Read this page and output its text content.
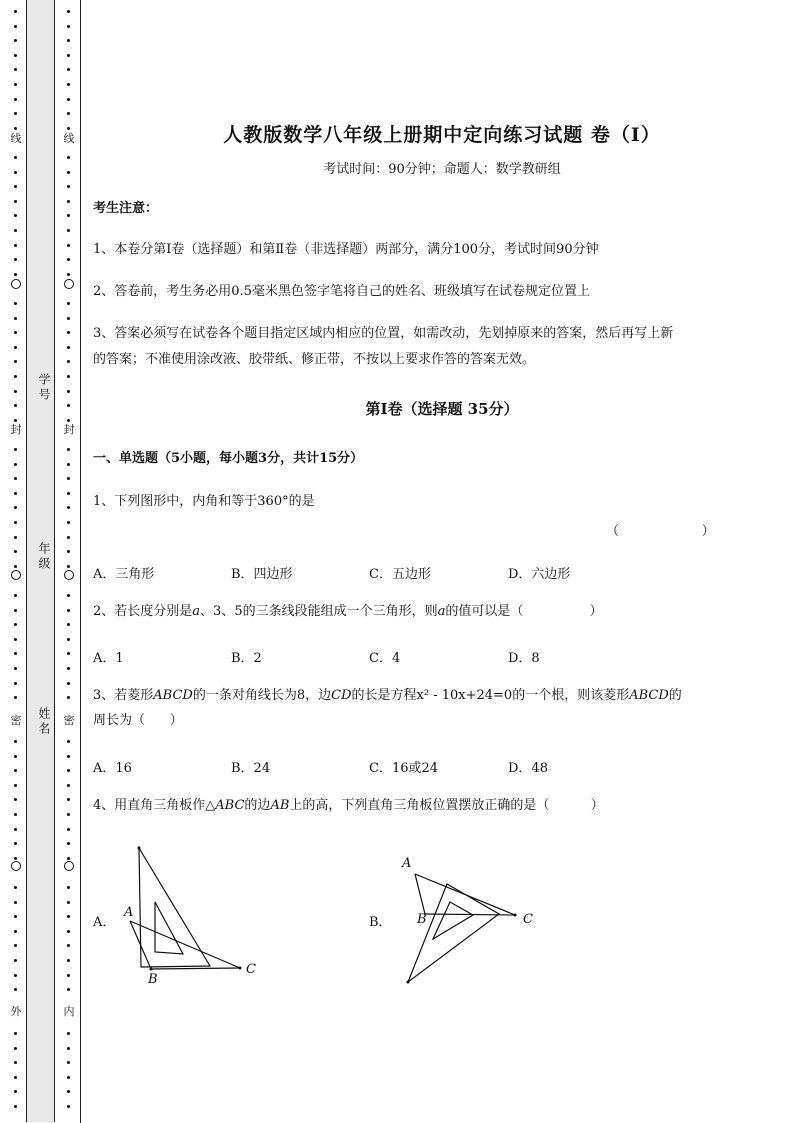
线
封
密
外
线
封
密
内
学号
年级
姓名
人教版数学八年级上册期中定向练习试题 卷（Ⅰ）
考试时间：90分钟；命题人：数学教研组
考生注意：
1、本卷分第Ⅰ卷（选择题）和第Ⅱ卷（非选择题）两部分，满分100分，考试时间90分钟
2、答卷前，考生务必用0.5毫米黑色签字笔将自己的姓名、班级填写在试卷规定位置上
3、答案必须写在试卷各个题目指定区域内相应的位置，如需改动，先划掉原来的答案，然后再写上新
的答案；不准使用涂改液、胶带纸、修正带，不按以上要求作答的答案无效。
第Ⅰ卷（选择题 35分）
一、单选题（5小题，每小题3分，共计15分）
1、下列图形中，内角和等于360°的是
（                    ）
A．三角形	B．四边形	C．五边形	D．六边形
2、若长度分别是a、3、5的三条线段能组成一个三角形，则a的值可以是（                ）
A．1	B．2	C．4	D．8
3、若菱形ABCD的一条对角线长为8，边CD的长是方程x² - 10x+24=0的一个根，则该菱形ABCD的
周长为（      ）
A．16	B．24	C．16或24	D．48
4、用直角三角板作△ABC的边AB上的高，下列直角三角板位置摆放正确的是（          ）
A．
A
B
C
B．
A
B	C
